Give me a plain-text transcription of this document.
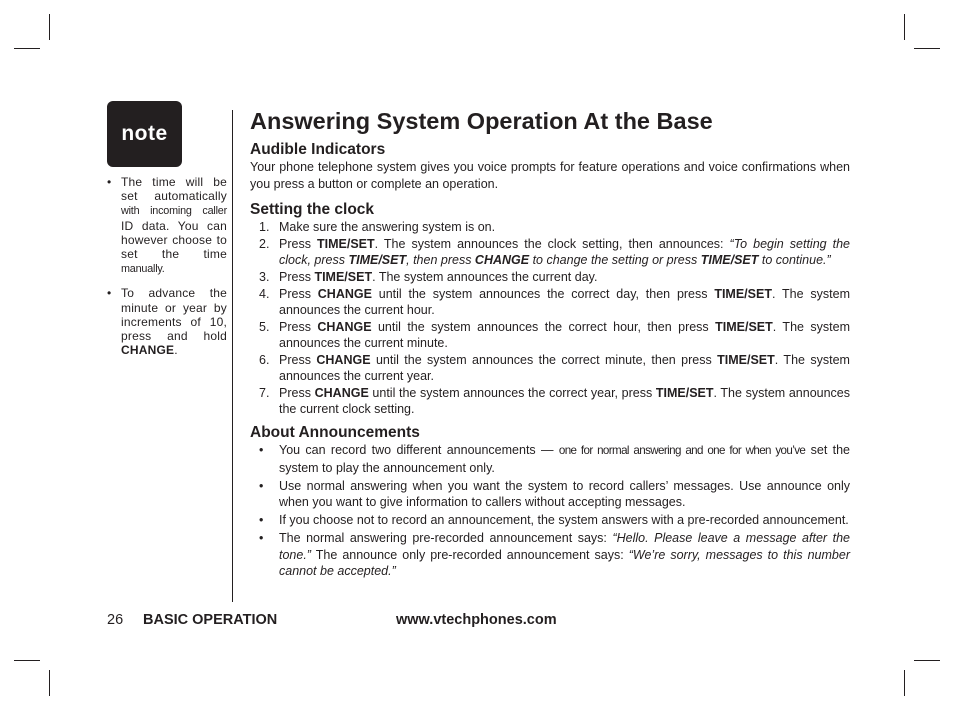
note
• The time will be set automatically with incoming caller ID data. You can however choose to set the time manually.
• To advance the minute or year by increments of 10, press and hold CHANGE.
Answering System Operation At the Base
Audible Indicators

Your phone telephone system gives you voice prompts for feature operations and voice confirmations when you press a button or complete an operation.

Setting the clock
1. Make sure the answering system is on.
2. Press TIME/SET. The system announces the clock setting, then announces: “To begin setting the clock, press TIME/SET, then press CHANGE to change the setting or press TIME/SET to continue.”
3. Press TIME/SET. The system announces the current day.
4. Press CHANGE until the system announces the correct day, then press TIME/SET. The system announces the current hour.
5. Press CHANGE until the system announces the correct hour, then press TIME/SET. The system announces the current minute.
6. Press CHANGE until the system announces the correct minute, then press TIME/SET. The system announces the current year.
7. Press CHANGE until the system announces the correct year, press TIME/SET. The system announces the current clock setting.
About Announcements
• You can record two different announcements — one for normal answering and one for when you’ve set the system to play the announcement only.
• Use normal answering when you want the system to record callers’ messages. Use announce only when you want to give information to callers without accepting messages.
• If you choose not to record an announcement, the system answers with a pre-recorded announcement.
• The normal answering pre-recorded announcement says: “Hello. Please leave a message after the tone.” The announce only pre-recorded announcement says: “We’re sorry, messages to this number cannot be accepted.”
26 BASIC OPERATION	www.vtechphones.com
